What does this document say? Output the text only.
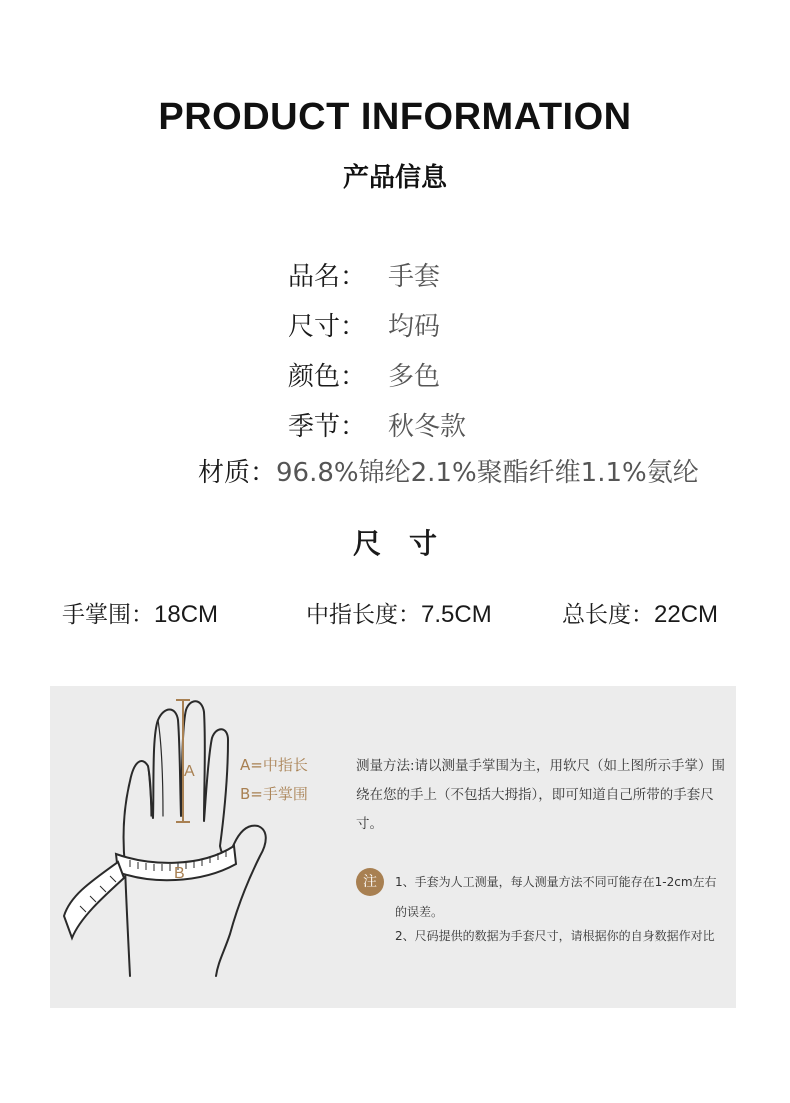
PRODUCT INFORMATION
产品信息
品名： 手套
尺寸： 均码
颜色： 多色
季节： 秋冬款
材质：96.8%锦纶2.1%聚酯纤维1.1%氨纶
尺寸
手掌围：18CM	中指长度：7.5CM	总长度：22CM
A
B
A=中指长
B=手掌围
测量方法:请以测量手掌围为主，用软尺（如上图所示手掌）围绕在您的手上（不包括大拇指），即可知道自己所带的手套尺寸。
注	1、手套为人工测量，每人测量方法不同可能存在1-2cm左右的误差。
2、尺码提供的数据为手套尺寸，请根据你的自身数据作对比
